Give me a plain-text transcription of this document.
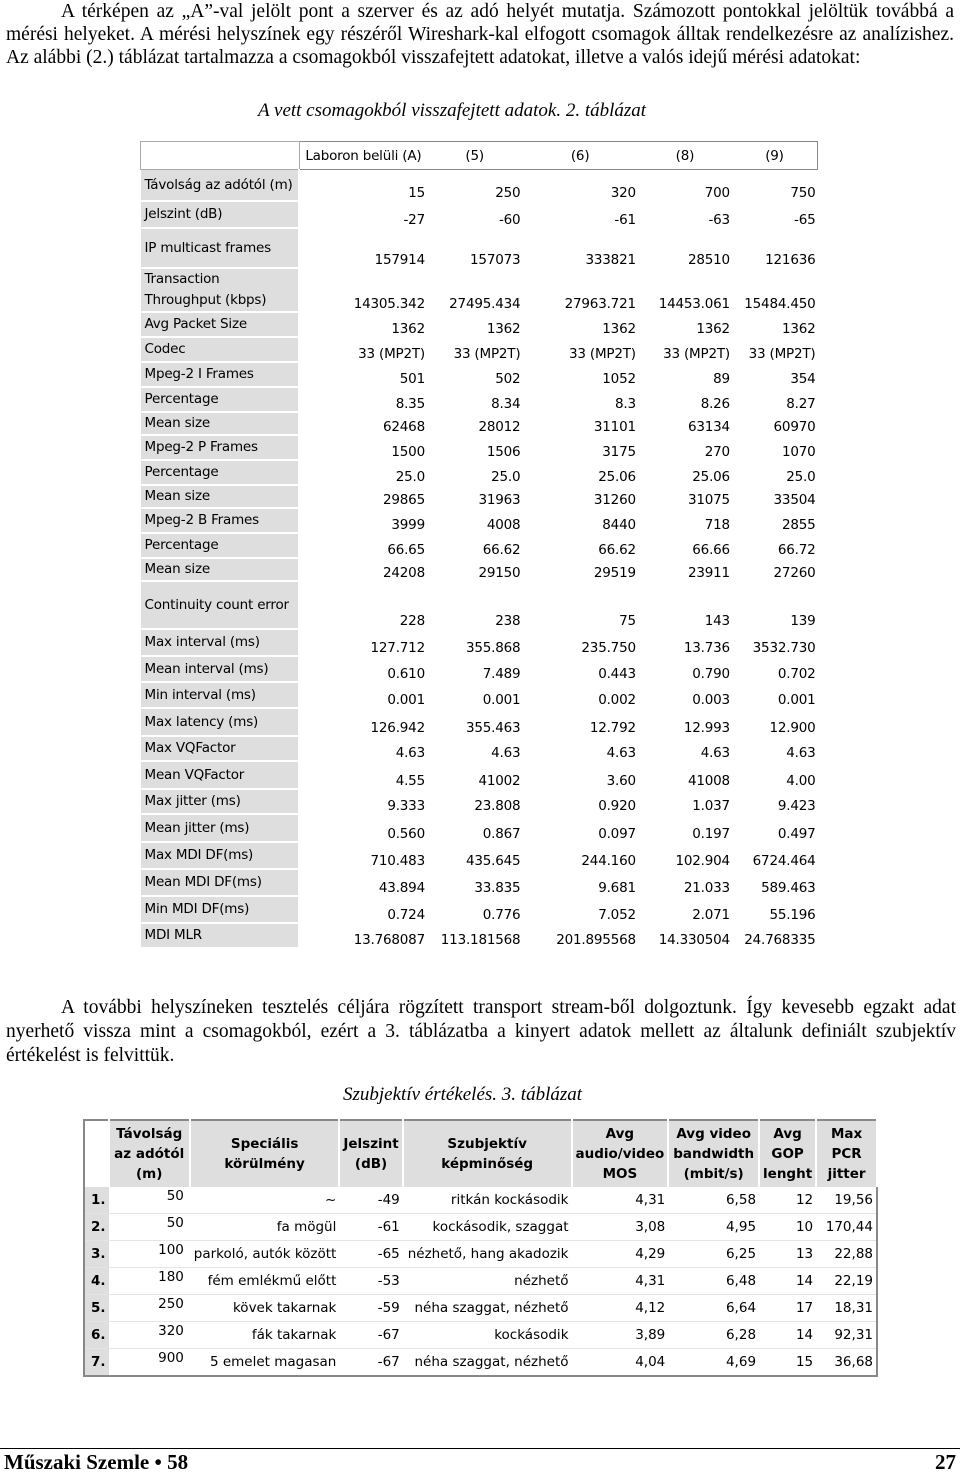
A térképen az „A”-val jelölt pont a szerver és az adó helyét mutatja. Számozott pontokkal jelöltük továbbá a mérési helyeket. A mérési helyszínek egy részéről Wireshark-kal elfogott csomagok álltak rendelkezésre az analízishez. Az alábbi (2.) táblázat tartalmazza a csomagokból visszafejtett adatokat, illetve a valós idejű mérési adatokat:

A vett csomagokból visszafejtett adatok. 2. táblázat
	Laboron belüli (A)	(5)	(6)	(8)	(9)
Távolság az adótól (m)	15	250	320	700	750
Jelszint (dB)	-27	-60	-61	-63	-65
IP multicast frames	157914	157073	333821	28510	121636
Transaction Throughput (kbps)	14305.342	27495.434	27963.721	14453.061	15484.450
Avg Packet Size	1362	1362	1362	1362	1362
Codec	33 (MP2T)	33 (MP2T)	33 (MP2T)	33 (MP2T)	33 (MP2T)
Mpeg-2 I Frames	501	502	1052	89	354
Percentage	8.35	8.34	8.3	8.26	8.27
Mean size	62468	28012	31101	63134	60970
Mpeg-2 P Frames	1500	1506	3175	270	1070
Percentage	25.0	25.0	25.06	25.06	25.0
Mean size	29865	31963	31260	31075	33504
Mpeg-2 B Frames	3999	4008	8440	718	2855
Percentage	66.65	66.62	66.62	66.66	66.72
Mean size	24208	29150	29519	23911	27260
Continuity count error	228	238	75	143	139
Max interval (ms)	127.712	355.868	235.750	13.736	3532.730
Mean interval (ms)	0.610	7.489	0.443	0.790	0.702
Min interval (ms)	0.001	0.001	0.002	0.003	0.001
Max latency (ms)	126.942	355.463	12.792	12.993	12.900
Max VQFactor	4.63	4.63	4.63	4.63	4.63
Mean VQFactor	4.55	41002	3.60	41008	4.00
Max jitter (ms)	9.333	23.808	0.920	1.037	9.423
Mean jitter (ms)	0.560	0.867	0.097	0.197	0.497
Max MDI DF(ms)	710.483	435.645	244.160	102.904	6724.464
Mean MDI DF(ms)	43.894	33.835	9.681	21.033	589.463
Min MDI DF(ms)	0.724	0.776	7.052	2.071	55.196
MDI MLR	13.768087	113.181568	201.895568	14.330504	24.768335

A további helyszíneken tesztelés céljára rögzített transport stream-ből dolgoztunk. Így kevesebb egzakt adat nyerhető vissza mint a csomagokból, ezért a 3. táblázatba a kinyert adatok mellett az általunk definiált szubjektív értékelést is felvittük.

Szubjektív értékelés. 3. táblázat
	Távolság az adótól (m)	Speciális körülmény	Jelszint (dB)	Szubjektív képminőség	Avg audio/video MOS	Avg video bandwidth (mbit/s)	Avg GOP lenght	Max PCR jitter
1.	50	~	-49	ritkán kockásodik	4,31	6,58	12	19,56
2.	50	fa mögül	-61	kockásodik, szaggat	3,08	4,95	10	170,44
3.	100	parkoló, autók között	-65	nézhető, hang akadozik	4,29	6,25	13	22,88
4.	180	fém emlékmű előtt	-53	nézhető	4,31	6,48	14	22,19
5.	250	kövek takarnak	-59	néha szaggat, nézhető	4,12	6,64	17	18,31
6.	320	fák takarnak	-67	kockásodik	3,89	6,28	14	92,31
7.	900	5 emelet magasan	-67	néha szaggat, nézhető	4,04	4,69	15	36,68
Műszaki Szemle • 58	27
